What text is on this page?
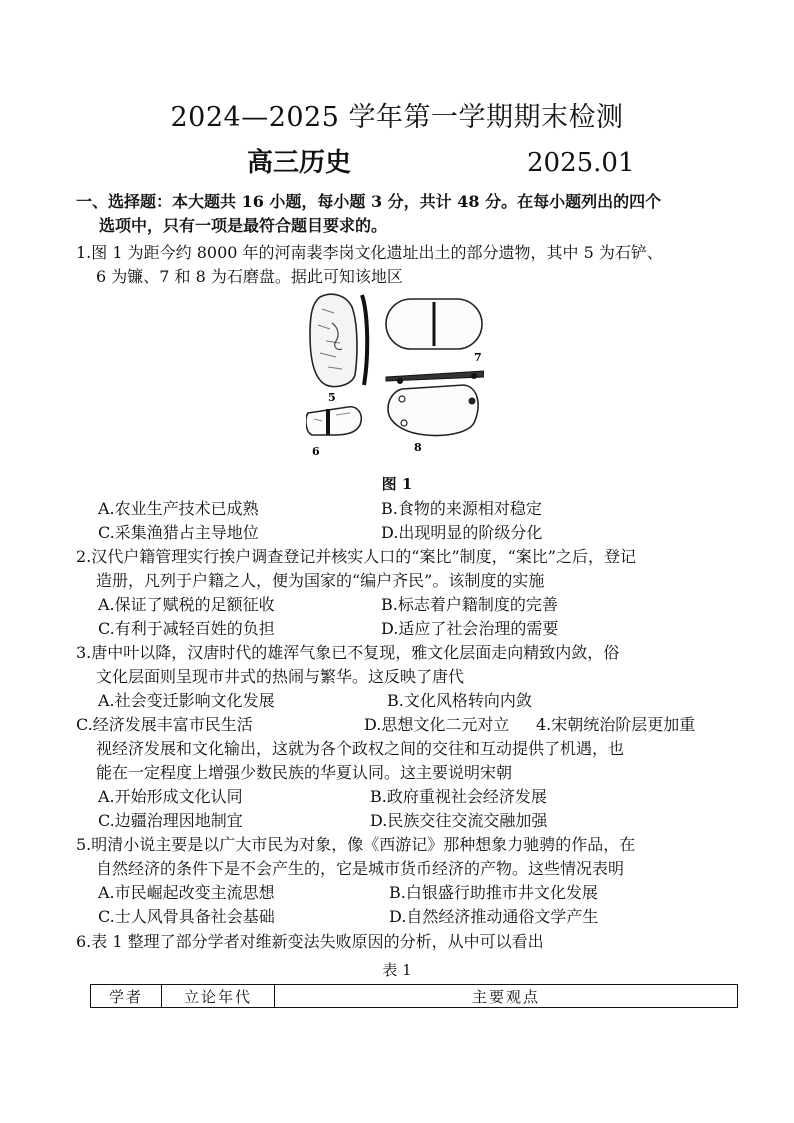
2024—2025 学年第一学期期末检测
高三历史	2025.01
一、选择题：本大题共 16 小题，每小题 3 分，共计 48 分。在每小题列出的四个
选项中，只有一项是最符合题目要求的。
1.图 1 为距今约 8000 年的河南裴李岗文化遗址出土的部分遗物，其中 5 为石铲、
6 为镰、7 和 8 为石磨盘。据此可知该地区
5
7
8
6
图 1
A.农业生产技术已成熟	B.食物的来源相对稳定
C.采集渔猎占主导地位	D.出现明显的阶级分化
2.汉代户籍管理实行挨户调查登记并核实人口的“案比”制度，“案比”之后，登记
造册，凡列于户籍之人，便为国家的“编户齐民”。该制度的实施
A.保证了赋税的足额征收	B.标志着户籍制度的完善
C.有利于减轻百姓的负担	D.适应了社会治理的需要
3.唐中叶以降，汉唐时代的雄浑气象已不复现，雅文化层面走向精致内敛，俗
文化层面则呈现市井式的热闹与繁华。这反映了唐代
A.社会变迁影响文化发展	B.文化风格转向内敛
C.经济发展丰富市民生活	D.思想文化二元对立 4.宋朝统治阶层更加重
视经济发展和文化输出，这就为各个政权之间的交往和互动提供了机遇，也
能在一定程度上增强少数民族的华夏认同。这主要说明宋朝
A.开始形成文化认同	B.政府重视社会经济发展
C.边疆治理因地制宜	D.民族交往交流交融加强
5.明清小说主要是以广大市民为对象，像《西游记》那种想象力驰骋的作品，在
自然经济的条件下是不会产生的，它是城市货币经济的产物。这些情况表明
A.市民崛起改变主流思想	B.白银盛行助推市井文化发展
C.士人风骨具备社会基础	D.自然经济推动通俗文学产生
6.表 1 整理了部分学者对维新变法失败原因的分析，从中可以看出
表 1
学者	立论年代	主要观点
